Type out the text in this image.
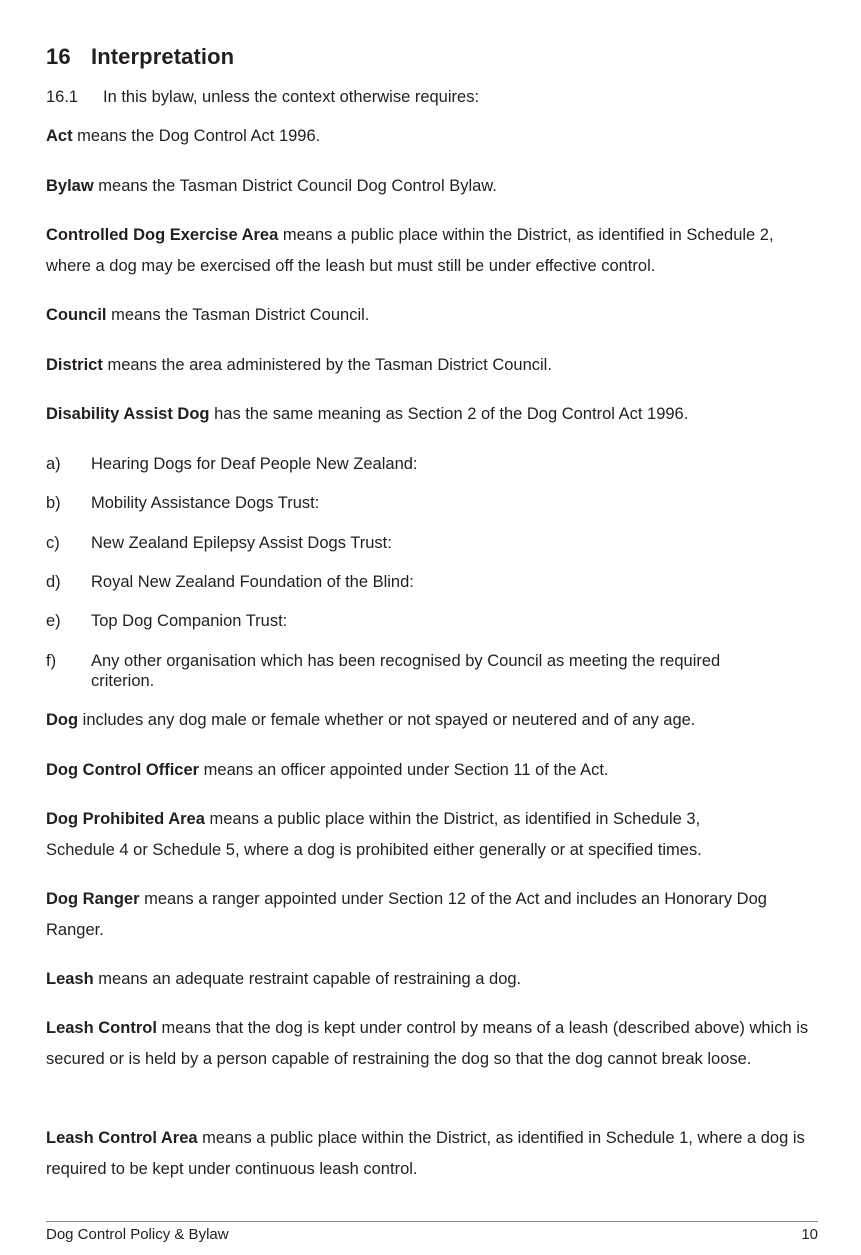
16 Interpretation
16.1 In this bylaw, unless the context otherwise requires:

Act means the Dog Control Act 1996.

Bylaw means the Tasman District Council Dog Control Bylaw.

Controlled Dog Exercise Area means a public place within the District, as identified in Schedule 2, where a dog may be exercised off the leash but must still be under effective control.

Council means the Tasman District Council.

District means the area administered by the Tasman District Council.

Disability Assist Dog has the same meaning as Section 2 of the Dog Control Act 1996.

a) Hearing Dogs for Deaf People New Zealand:
b) Mobility Assistance Dogs Trust:
c) New Zealand Epilepsy Assist Dogs Trust:
d) Royal New Zealand Foundation of the Blind:
e) Top Dog Companion Trust:
f) Any other organisation which has been recognised by Council as meeting the required criterion.

Dog includes any dog male or female whether or not spayed or neutered and of any age.

Dog Control Officer means an officer appointed under Section 11 of the Act.

Dog Prohibited Area means a public place within the District, as identified in Schedule 3, Schedule 4 or Schedule 5, where a dog is prohibited either generally or at specified times.

Dog Ranger means a ranger appointed under Section 12 of the Act and includes an Honorary Dog Ranger.

Leash means an adequate restraint capable of restraining a dog.

Leash Control means that the dog is kept under control by means of a leash (described above) which is secured or is held by a person capable of restraining the dog so that the dog cannot break loose.

Leash Control Area means a public place within the District, as identified in Schedule 1, where a dog is required to be kept under continuous leash control.

Dog Control Policy & Bylaw	10
